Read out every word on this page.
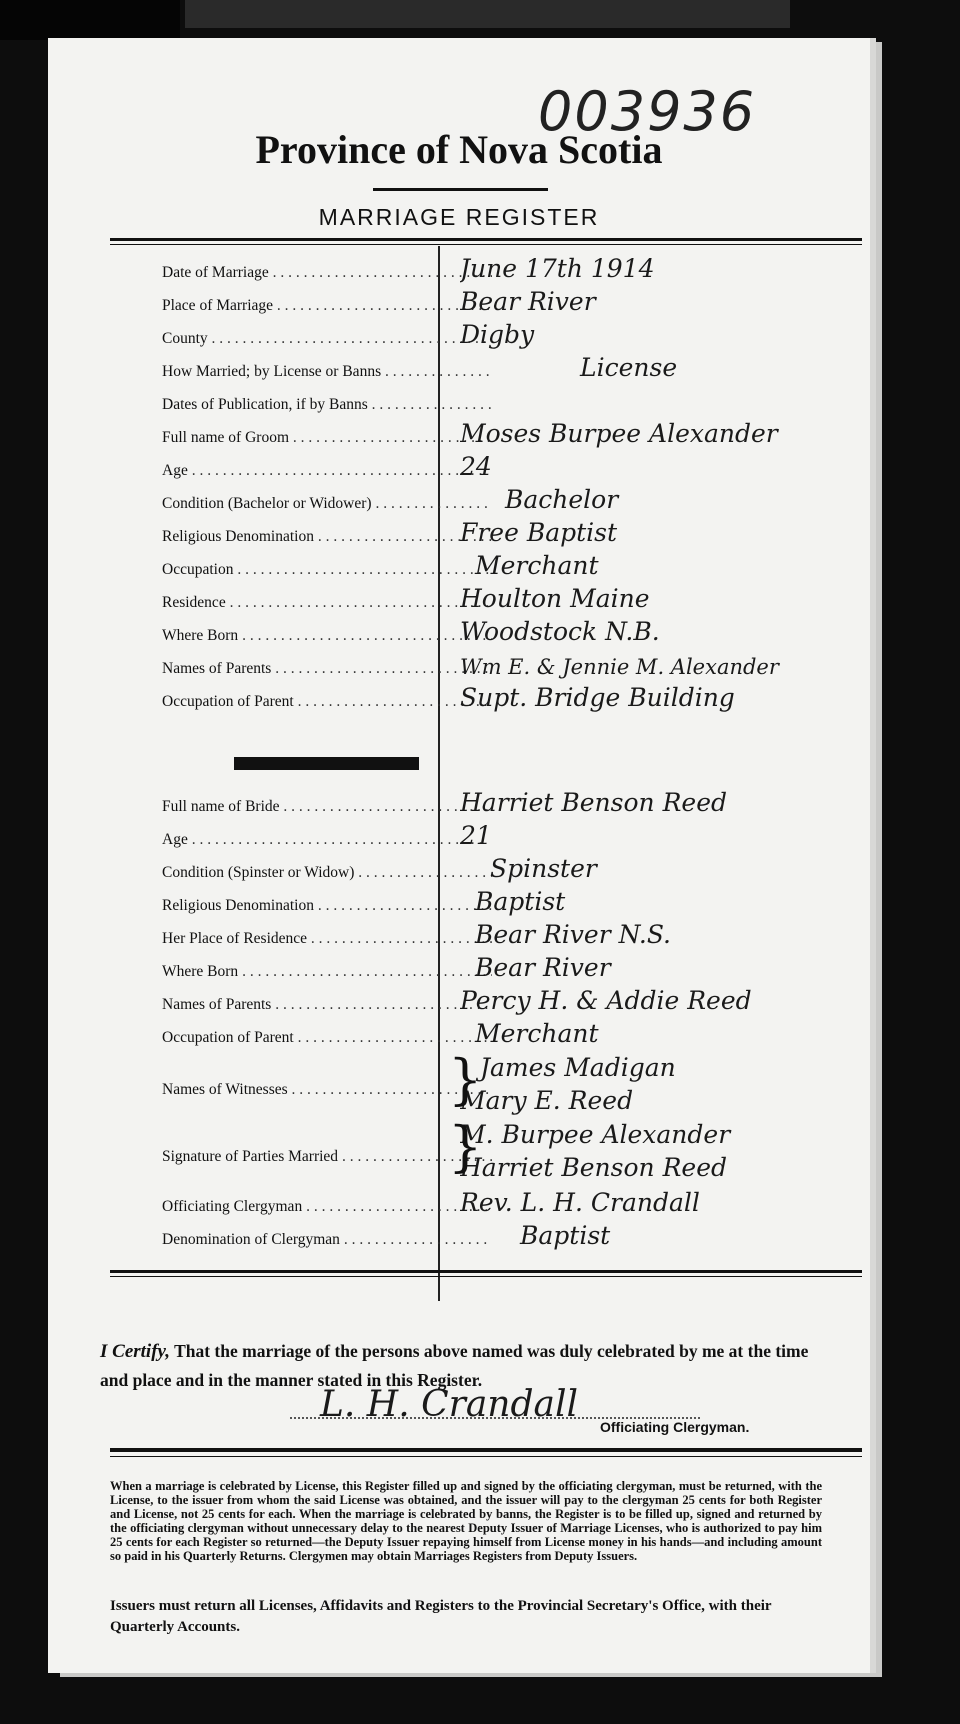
003936
Province of Nova Scotia
MARRIAGE REGISTER
Date of Marriage . . .	June 17th 1914
Place of Marriage . . .	Bear River
County . . .	Digby
How Married; by License or Banns . . .	License
Dates of Publication, if by Banns . . .
Full name of Groom . . .	Moses Burpee Alexander
Age . . .	24
Condition (Bachelor or Widower) . . .	Bachelor
Religious Denomination . . .	Free Baptist
Occupation . . .	Merchant
Residence . . .	Houlton Maine
Where Born . . .	Woodstock N.B.
Names of Parents . . .	Wm E. & Jennie M. Alexander
Occupation of Parent . . .	Supt. Bridge Building
Full name of Bride . . .	Harriet Benson Reed
Age . . .	21
Condition (Spinster or Widow) . . .	Spinster
Religious Denomination . . .	Baptist
Her Place of Residence . . .	Bear River N.S.
Where Born . . .	Bear River
Names of Parents . . .	Percy H. & Addie Reed
Occupation of Parent . . .	Merchant
James Madigan
Names of Witnesses . . .	Mary E. Reed
}
M. Burpee Alexander
Signature of Parties Married . . .	Harriet Benson Reed
}
Officiating Clergyman . . .	Rev. L. H. Crandall
Denomination of Clergyman . . .	Baptist
I Certify, That the marriage of the persons above named was duly celebrated by me at the time and place and in the manner stated in this Register.
L. H. Crandall
Officiating Clergyman.
When a marriage is celebrated by License, this Register filled up and signed by the officiating clergyman, must be returned, with the License, to the issuer from whom the said License was obtained, and the issuer will pay to the clergyman 25 cents for both Register and License, not 25 cents for each. When the marriage is celebrated by banns, the Register is to be filled up, signed and returned by the officiating clergyman without unnecessary delay to the nearest Deputy Issuer of Marriage Licenses, who is authorized to pay him 25 cents for each Register so returned—the Deputy Issuer repaying himself from License money in his hands—and including amount so paid in his Quarterly Returns. Clergymen may obtain Marriages Registers from Deputy Issuers.
Issuers must return all Licenses, Affidavits and Registers to the Provincial Secretary's Office, with their Quarterly Accounts.
